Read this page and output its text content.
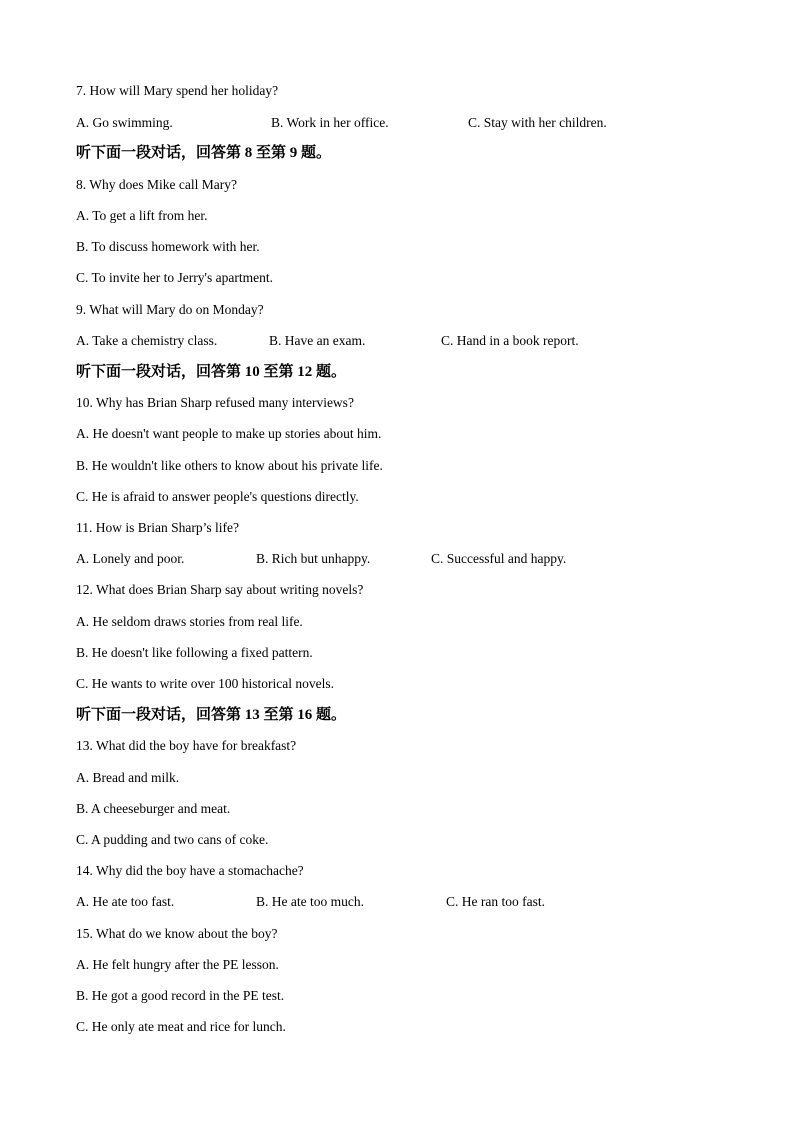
7. How will Mary spend her holiday?
A. Go swimming.	B. Work in her office.	C. Stay with her children.
听下面一段对话，回答第 8 至第 9 题。
8. Why does Mike call Mary?
A. To get a lift from her.
B. To discuss homework with her.
C. To invite her to Jerry's apartment.
9. What will Mary do on Monday?
A. Take a chemistry class.	B. Have an exam.	C. Hand in a book report.
听下面一段对话，回答第 10 至第 12 题。
10. Why has Brian Sharp refused many interviews?
A. He doesn't want people to make up stories about him.
B. He wouldn't like others to know about his private life.
C. He is afraid to answer people's questions directly.
11. How is Brian Sharp’s life?
A. Lonely and poor.	B. Rich but unhappy.	C. Successful and happy.
12. What does Brian Sharp say about writing novels?
A. He seldom draws stories from real life.
B. He doesn't like following a fixed pattern.
C. He wants to write over 100 historical novels.
听下面一段对话，回答第 13 至第 16 题。
13. What did the boy have for breakfast?
A. Bread and milk.
B. A cheeseburger and meat.
C. A pudding and two cans of coke.
14. Why did the boy have a stomachache?
A. He ate too fast.	B. He ate too much.	C. He ran too fast.
15. What do we know about the boy?
A. He felt hungry after the PE lesson.
B. He got a good record in the PE test.
C. He only ate meat and rice for lunch.
